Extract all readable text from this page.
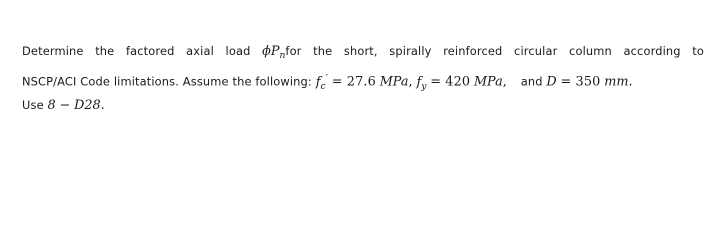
Determine the factored axial load $\phi P_nfor$ the short, spirally reinforced circular column according to
NSCP/ACI Code limitations. Assume the following: $f_c' = 27.6$ MPa, $f_y = 420$ MPa, and D = 350 mm.
Use 8 − D28.
